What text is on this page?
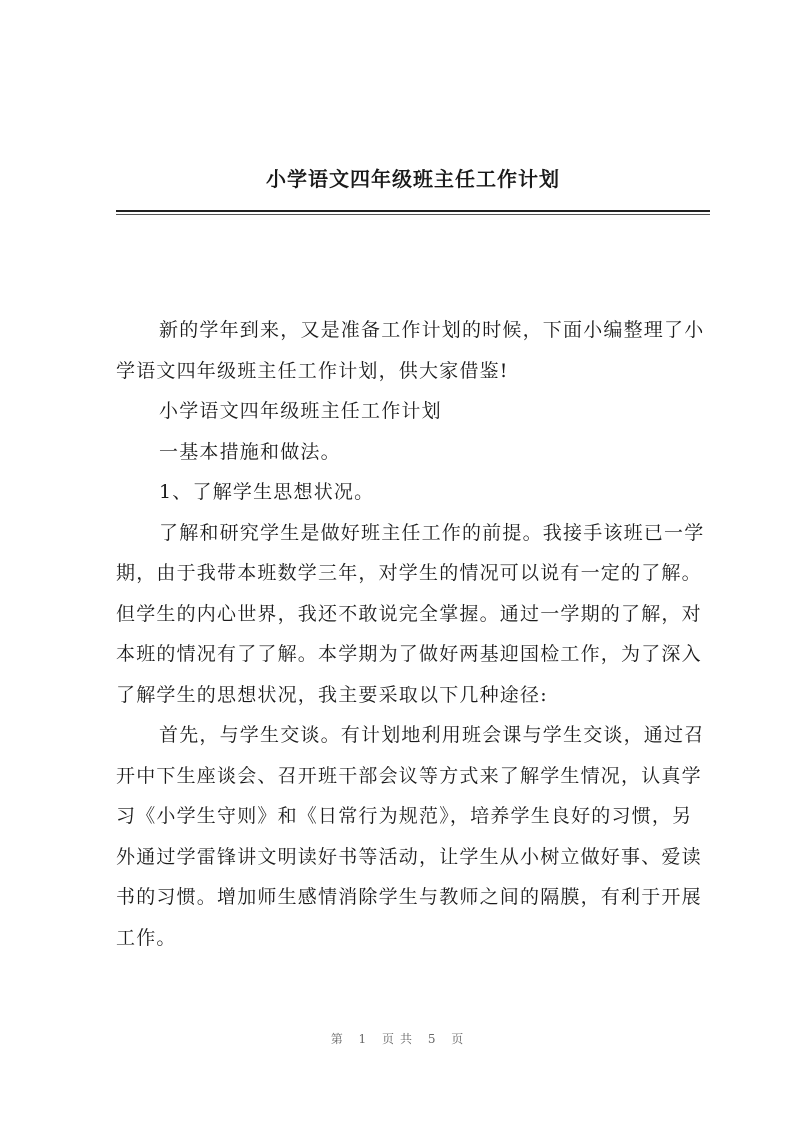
小学语文四年级班主任工作计划

新的学年到来，又是准备工作计划的时候，下面小编整理了小学语文四年级班主任工作计划，供大家借鉴!

小学语文四年级班主任工作计划

一基本措施和做法。

1、了解学生思想状况。

了解和研究学生是做好班主任工作的前提。我接手该班已一学期，由于我带本班数学三年，对学生的情况可以说有一定的了解。但学生的内心世界，我还不敢说完全掌握。通过一学期的了解，对本班的情况有了了解。本学期为了做好两基迎国检工作，为了深入了解学生的思想状况，我主要采取以下几种途径:

首先，与学生交谈。有计划地利用班会课与学生交谈，通过召开中下生座谈会、召开班干部会议等方式来了解学生情况，认真学习《小学生守则》和《日常行为规范》，培养学生良好的习惯，另外通过学雷锋讲文明读好书等活动，让学生从小树立做好事、爱读书的习惯。增加师生感情消除学生与教师之间的隔膜，有利于开展工作。

第 1 页共 5 页
